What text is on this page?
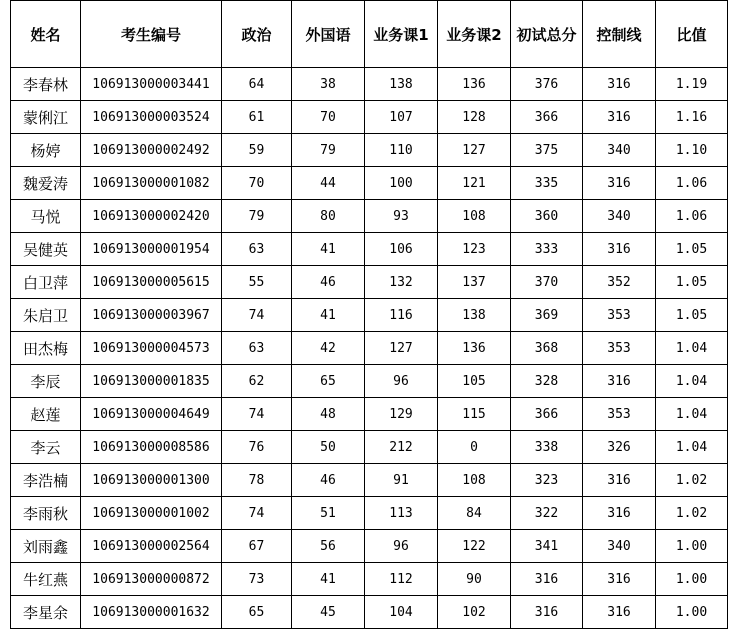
姓名	考生编号	政治	外国语	业务课1	业务课2	初试总分	控制线	比值
李春林	106913000003441	64	38	138	136	376	316	1.19
蒙俐江	106913000003524	61	70	107	128	366	316	1.16
杨婷	106913000002492	59	79	110	127	375	340	1.10
魏爱涛	106913000001082	70	44	100	121	335	316	1.06
马悦	106913000002420	79	80	93	108	360	340	1.06
吴健英	106913000001954	63	41	106	123	333	316	1.05
白卫萍	106913000005615	55	46	132	137	370	352	1.05
朱启卫	106913000003967	74	41	116	138	369	353	1.05
田杰梅	106913000004573	63	42	127	136	368	353	1.04
李辰	106913000001835	62	65	96	105	328	316	1.04
赵莲	106913000004649	74	48	129	115	366	353	1.04
李云	106913000008586	76	50	212	0	338	326	1.04
李浩楠	106913000001300	78	46	91	108	323	316	1.02
李雨秋	106913000001002	74	51	113	84	322	316	1.02
刘雨鑫	106913000002564	67	56	96	122	341	340	1.00
牛红燕	106913000000872	73	41	112	90	316	316	1.00
李星余	106913000001632	65	45	104	102	316	316	1.00
